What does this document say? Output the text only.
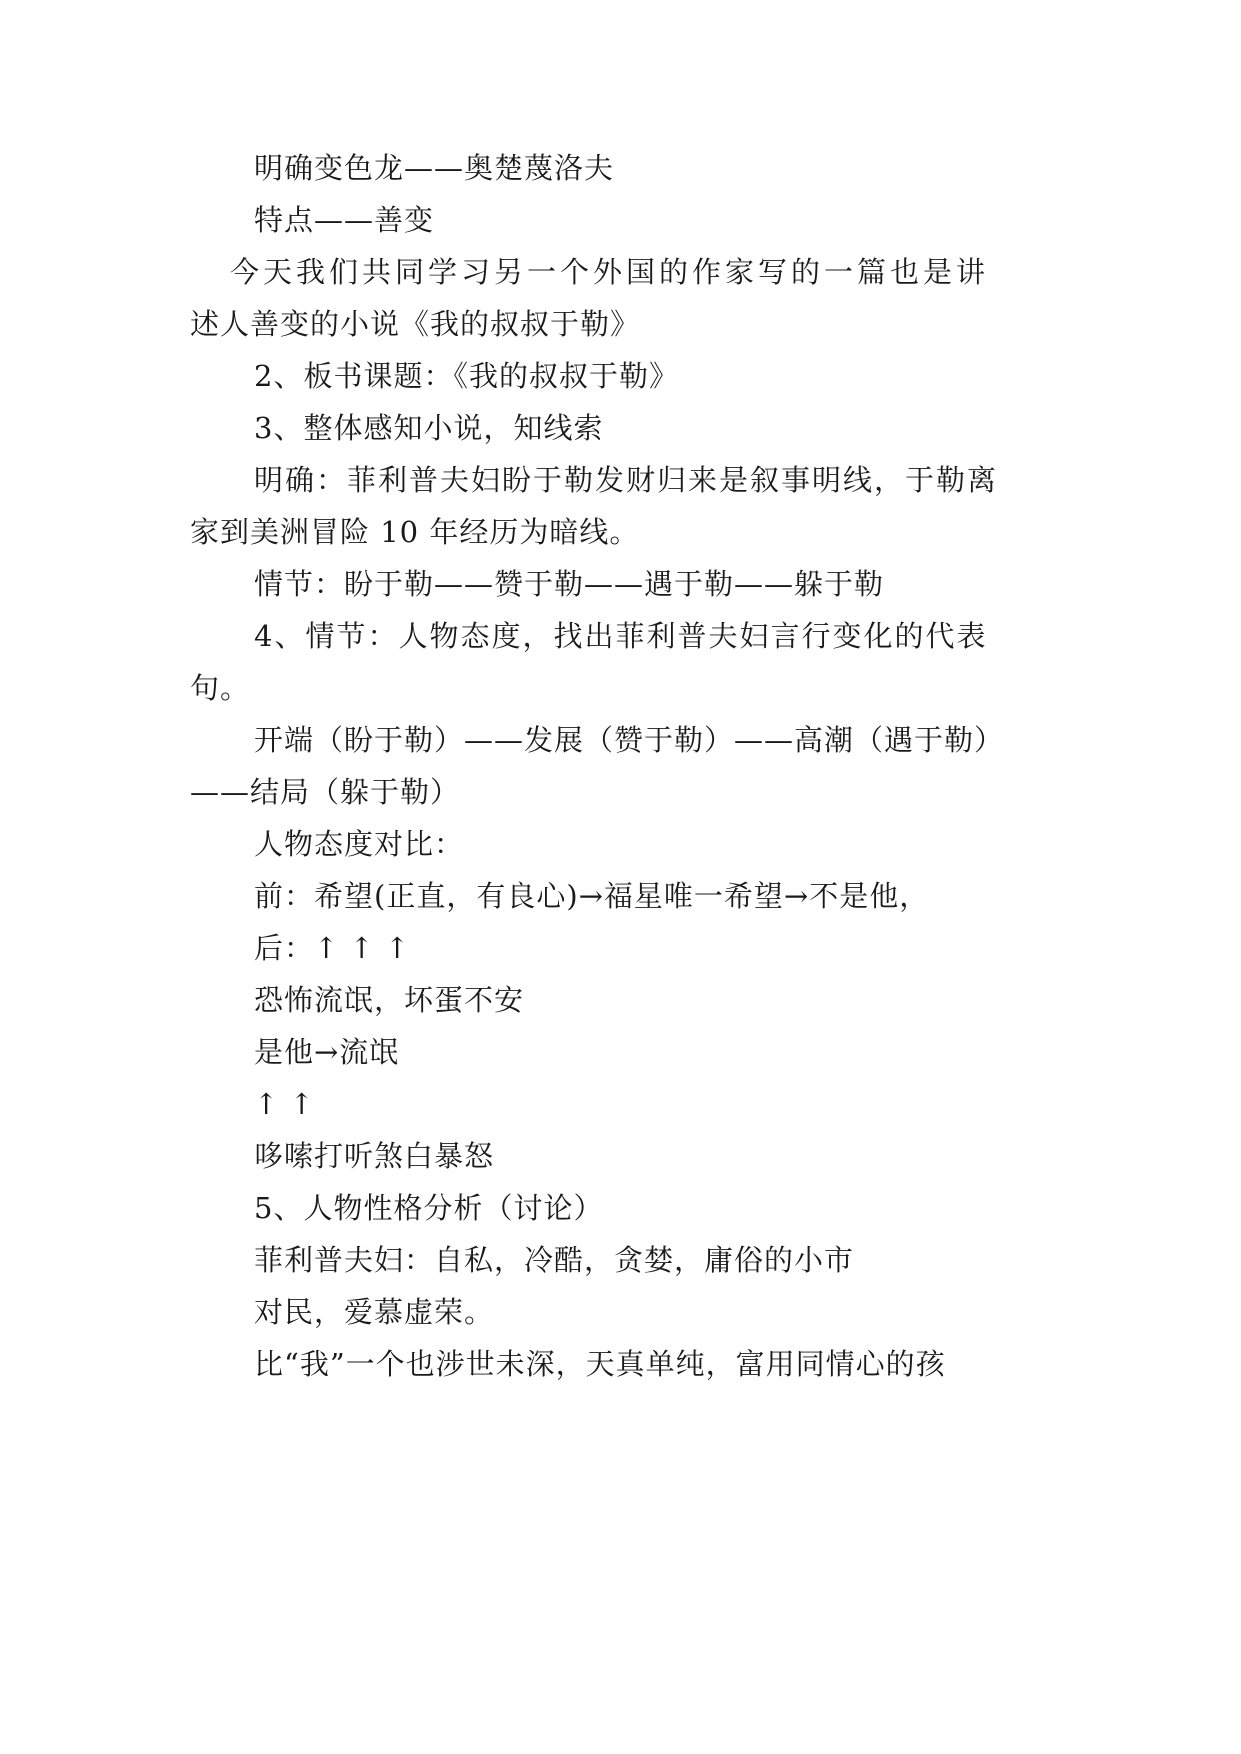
明确变色龙——奥楚蔑洛夫
特点——善变
今天我们共同学习另一个外国的作家写的一篇也是讲
述人善变的小说《我的叔叔于勒》
2、板书课题：《我的叔叔于勒》
3、整体感知小说，知线索
明确：菲利普夫妇盼于勒发财归来是叙事明线，于勒离
家到美洲冒险 10 年经历为暗线。
情节：盼于勒——赞于勒——遇于勒——躲于勒
4、情节：人物态度，找出菲利普夫妇言行变化的代表
句。
开端（盼于勒）——发展（赞于勒）——高潮（遇于勒）
——结局（躲于勒）
人物态度对比：
前：希望(正直，有良心)→福星唯一希望→不是他，
后：↑ ↑ ↑
恐怖流氓，坏蛋不安
是他→流氓
↑ ↑
哆嗦打听煞白暴怒
5、人物性格分析（讨论）
菲利普夫妇：自私，冷酷，贪婪，庸俗的小市
对民，爱慕虚荣。
比“我”一个也涉世未深，天真单纯，富用同情心的孩
